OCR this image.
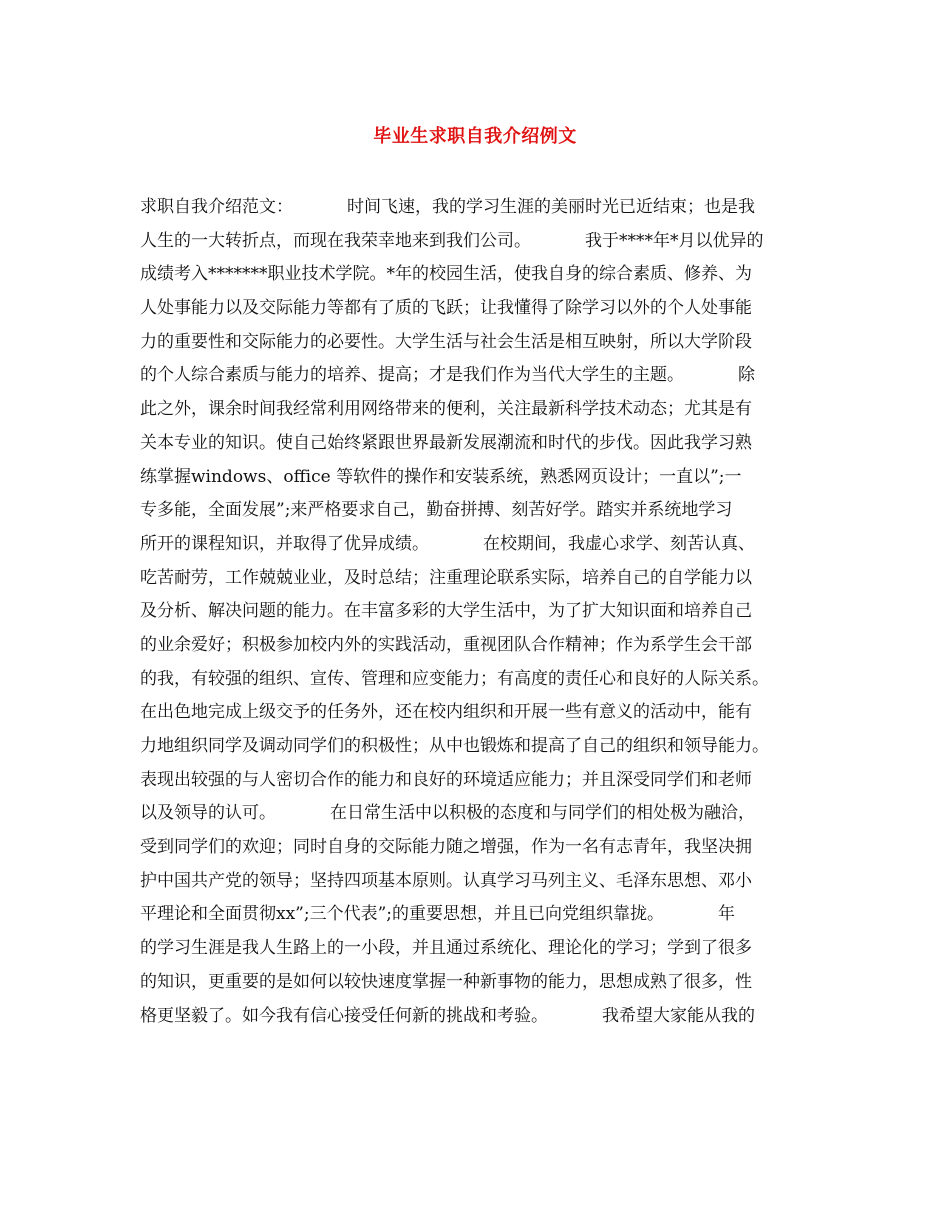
毕业生求职自我介绍例文
求职自我介绍范文：          时间飞速，我的学习生涯的美丽时光已近结束；也是我
人生的一大转折点，而现在我荣幸地来到我们公司。          我于****年*月以优异的
成绩考入*******职业技术学院。*年的校园生活，使我自身的综合素质、修养、为
人处事能力以及交际能力等都有了质的飞跃；让我懂得了除学习以外的个人处事能
力的重要性和交际能力的必要性。大学生活与社会生活是相互映射，所以大学阶段
的个人综合素质与能力的培养、提高；才是我们作为当代大学生的主题。          除
此之外，课余时间我经常利用网络带来的便利，关注最新科学技术动态；尤其是有
关本专业的知识。使自己始终紧跟世界最新发展潮流和时代的步伐。因此我学习熟
练掌握windows、office 等软件的操作和安装系统，熟悉网页设计；一直以”;一
专多能，全面发展”;来严格要求自己，勤奋拼搏、刻苦好学。踏实并系统地学习
所开的课程知识，并取得了优异成绩。          在校期间，我虚心求学、刻苦认真、
吃苦耐劳，工作兢兢业业，及时总结；注重理论联系实际，培养自己的自学能力以
及分析、解决问题的能力。在丰富多彩的大学生活中，为了扩大知识面和培养自己
的业余爱好；积极参加校内外的实践活动，重视团队合作精神；作为系学生会干部
的我，有较强的组织、宣传、管理和应变能力；有高度的责任心和良好的人际关系。
在出色地完成上级交予的任务外，还在校内组织和开展一些有意义的活动中，能有
力地组织同学及调动同学们的积极性；从中也锻炼和提高了自己的组织和领导能力。
表现出较强的与人密切合作的能力和良好的环境适应能力；并且深受同学们和老师
以及领导的认可。          在日常生活中以积极的态度和与同学们的相处极为融洽，
受到同学们的欢迎；同时自身的交际能力随之增强，作为一名有志青年，我坚决拥
护中国共产党的领导；坚持四项基本原则。认真学习马列主义、毛泽东思想、邓小
平理论和全面贯彻xx”;三个代表”;的重要思想，并且已向党组织靠拢。          年
的学习生涯是我人生路上的一小段，并且通过系统化、理论化的学习；学到了很多
的知识，更重要的是如何以较快速度掌握一种新事物的能力，思想成熟了很多，性
格更坚毅了。如今我有信心接受任何新的挑战和考验。          我希望大家能从我的
